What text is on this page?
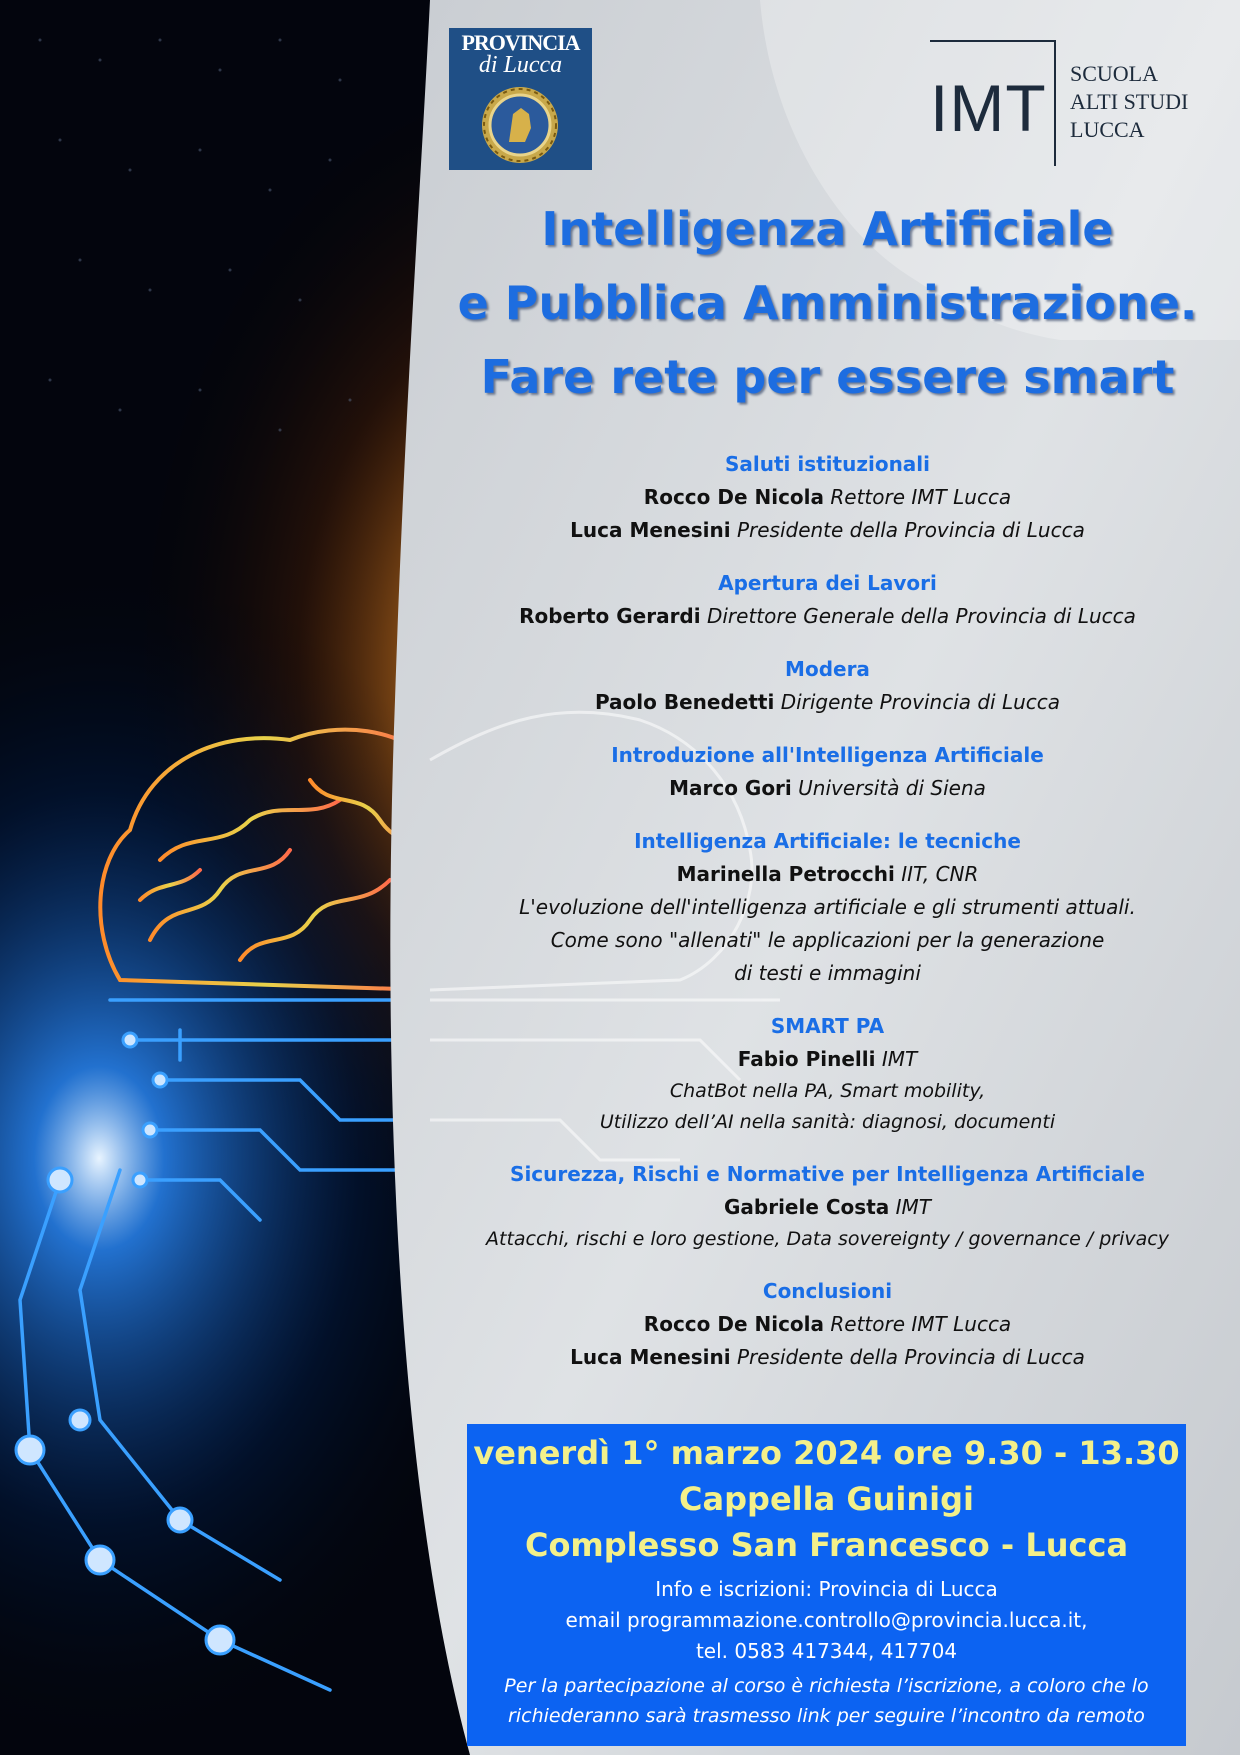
PROVINCIA
di Lucca
IMT SCUOLA
ALTI STUDI
LUCCA
Intelligenza Artificiale
e Pubblica Amministrazione.
Fare rete per essere smart
Saluti istituzionali
Rocco De Nicola Rettore IMT Lucca
Luca Menesini Presidente della Provincia di Lucca
Apertura dei Lavori
Roberto Gerardi Direttore Generale della Provincia di Lucca
Modera
Paolo Benedetti Dirigente Provincia di Lucca
Introduzione all'Intelligenza Artificiale
Marco Gori Università di Siena
Intelligenza Artificiale: le tecniche
Marinella Petrocchi IIT, CNR
L'evoluzione dell'intelligenza artificiale e gli strumenti attuali.
Come sono "allenati" le applicazioni per la generazione
di testi e immagini
SMART PA
Fabio Pinelli IMT
ChatBot nella PA, Smart mobility,
Utilizzo dell’AI nella sanità: diagnosi, documenti
Sicurezza, Rischi e Normative per Intelligenza Artificiale
Gabriele Costa IMT
Attacchi, rischi e loro gestione, Data sovereignty / governance / privacy
Conclusioni
Rocco De Nicola Rettore IMT Lucca
Luca Menesini Presidente della Provincia di Lucca
venerdì 1° marzo 2024 ore 9.30 - 13.30
Cappella Guinigi
Complesso San Francesco - Lucca
Info e iscrizioni: Provincia di Lucca
email programmazione.controllo@provincia.lucca.it,
tel. 0583 417344, 417704
Per la partecipazione al corso è richiesta l’iscrizione, a coloro che lo
richiederanno sarà trasmesso link per seguire l’incontro da remoto
